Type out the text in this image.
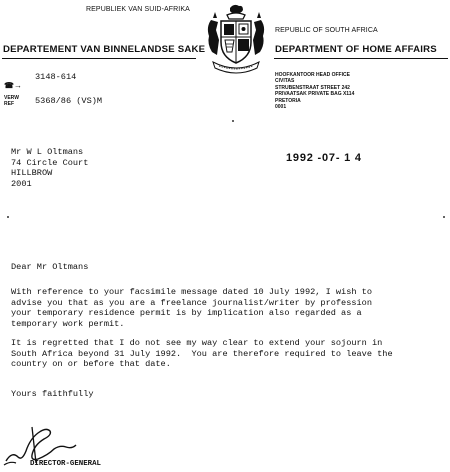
REPUBLIEK VAN SUID-AFRIKA
DEPARTEMENT VAN BINNELANDSE SAKE
REPUBLIC OF SOUTH AFRICA
DEPARTMENT OF HOME AFFAIRS
HOOFKANTOOR HEAD OFFICE
CIVITAS
STRUBENSTRAAT STREET 242
PRIVAATSAK PRIVATE BAG X114
PRETORIA
0001
☎→
3148-614
VERW
REF	5368/86 (VS)M
Mr W L Oltmans
74 Circle Court
HILLBROW
2001
1992 -07- 1 4
Dear Mr Oltmans

With reference to your facsimile message dated 10 July 1992, I wish to
advise you that as you are a freelance journalist/writer by profession
your temporary residence permit is by implication also regarded as a
temporary work permit.

It is regretted that I do not see my way clear to extend your sojourn in
South Africa beyond 31 July 1992.  You are therefore required to leave the
country on or before that date.

Yours faithfully
DIRECTOR-GENERAL
